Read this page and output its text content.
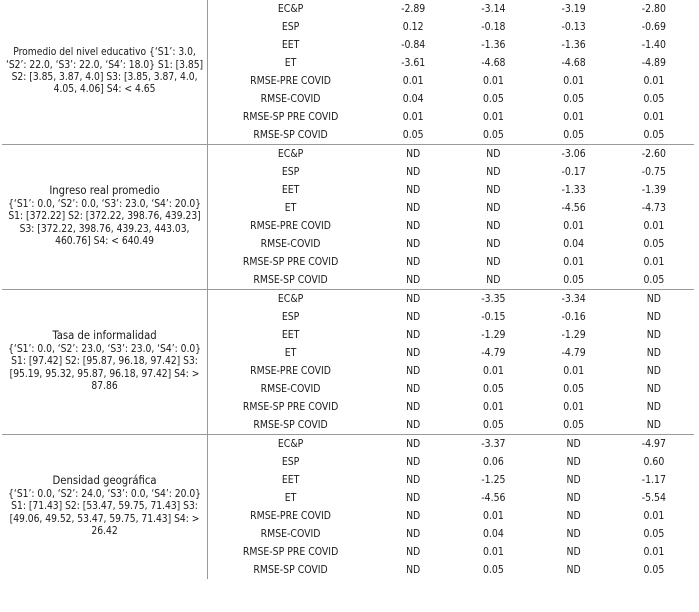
Promedio del nivel educativo {‘S1’: 3.0, ‘S2’: 22.0, ‘S3’: 22.0, ‘S4’: 18.0} S1: [3.85] S2: [3.85, 3.87, 4.0] S3: [3.85, 3.87, 4.0, 4.05, 4.06] S4: < 4.65	EC&P	-2.89	-3.14	-3.19	-2.80
	ESP	0.12	-0.18	-0.13	-0.69
	EET	-0.84	-1.36	-1.36	-1.40
	ET	-3.61	-4.68	-4.68	-4.89
	RMSE-PRE COVID	0.01	0.01	0.01	0.01
	RMSE-COVID	0.04	0.05	0.05	0.05
	RMSE-SP PRE COVID	0.01	0.01	0.01	0.01
	RMSE-SP COVID	0.05	0.05	0.05	0.05

Ingreso real promedio
{‘S1’: 0.0, ‘S2’: 0.0, ‘S3’: 23.0, ‘S4’: 20.0} S1: [372.22] S2: [372.22, 398.76, 439.23] S3: [372.22, 398.76, 439.23, 443.03, 460.76] S4: < 640.49	EC&P	ND	ND	-3.06	-2.60
	ESP	ND	ND	-0.17	-0.75
	EET	ND	ND	-1.33	-1.39
	ET	ND	ND	-4.56	-4.73
	RMSE-PRE COVID	ND	ND	0.01	0.01
	RMSE-COVID	ND	ND	0.04	0.05
	RMSE-SP PRE COVID	ND	ND	0.01	0.01
	RMSE-SP COVID	ND	ND	0.05	0.05

Tasa de informalidad
{‘S1’: 0.0, ‘S2’: 23.0, ‘S3’: 23.0, ‘S4’: 0.0} S1: [97.42] S2: [95.87, 96.18, 97.42] S3: [95.19, 95.32, 95.87, 96.18, 97.42] S4: > 87.86	EC&P	ND	-3.35	-3.34	ND
	ESP	ND	-0.15	-0.16	ND
	EET	ND	-1.29	-1.29	ND
	ET	ND	-4.79	-4.79	ND
	RMSE-PRE COVID	ND	0.01	0.01	ND
	RMSE-COVID	ND	0.05	0.05	ND
	RMSE-SP PRE COVID	ND	0.01	0.01	ND
	RMSE-SP COVID	ND	0.05	0.05	ND

Densidad geográfica
{‘S1’: 0.0, ‘S2’: 24.0, ‘S3’: 0.0, ‘S4’: 20.0} S1: [71.43] S2: [53.47, 59.75, 71.43] S3: [49.06, 49.52, 53.47, 59.75, 71.43] S4: > 26.42	EC&P	ND	-3.37	ND	-4.97
	ESP	ND	0.06	ND	0.60
	EET	ND	-1.25	ND	-1.17
	ET	ND	-4.56	ND	-5.54
	RMSE-PRE COVID	ND	0.01	ND	0.01
	RMSE-COVID	ND	0.04	ND	0.05
	RMSE-SP PRE COVID	ND	0.01	ND	0.01
	RMSE-SP COVID	ND	0.05	ND	0.05
